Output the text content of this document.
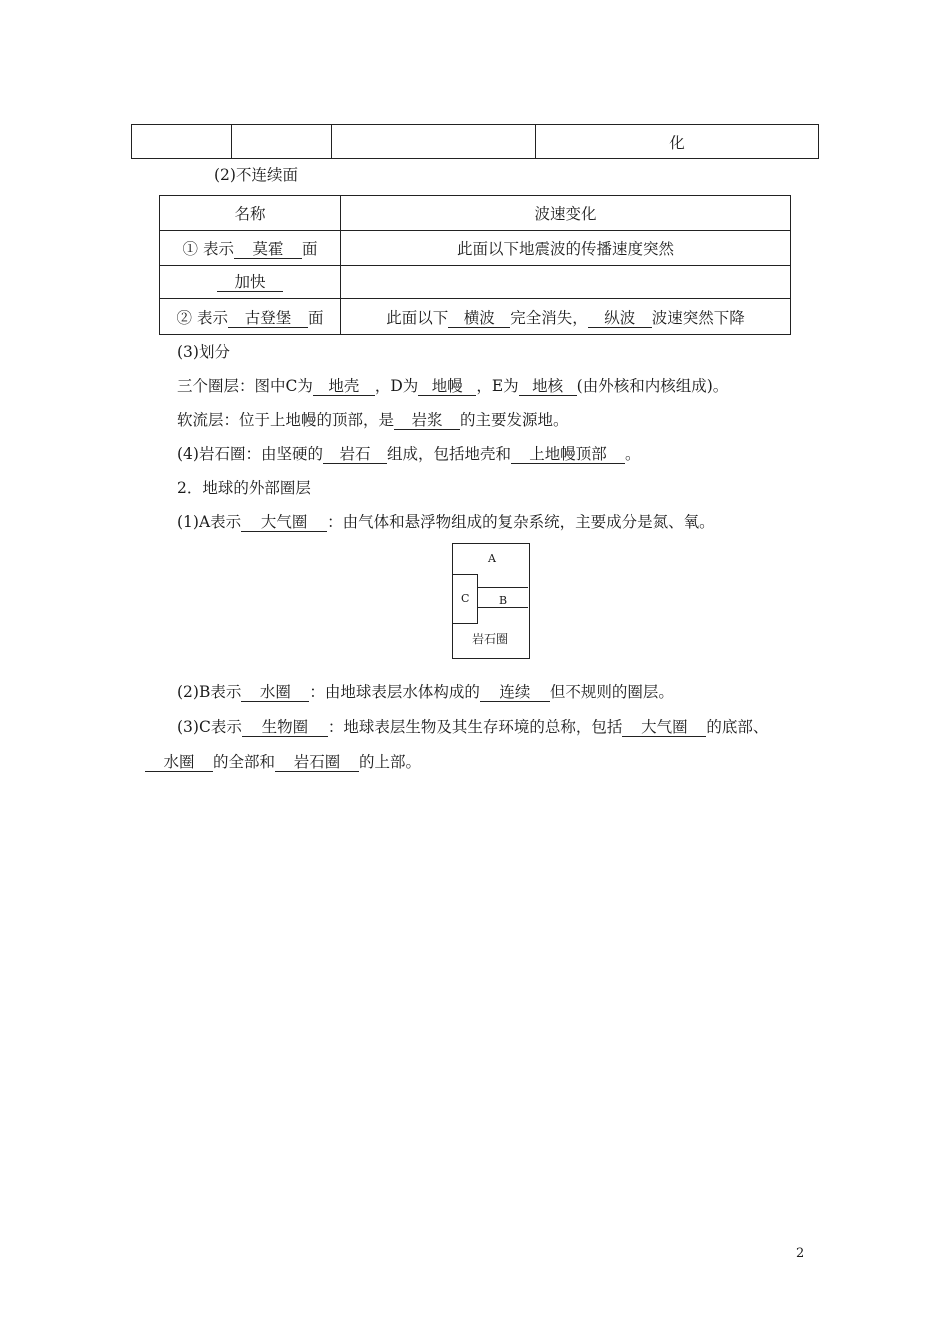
			化
(2)不连续面
名称	波速变化
① 表示 莫霍 面	此面以下地震波的传播速度突然
加快	
② 表示 古登堡 面	此面以下 横波 完全消失， 纵波 波速突然下降
(3)划分
三个圈层：图中C为 地壳 ，D为 地幔 ，E为 地核 (由外核和内核组成)。
软流层：位于上地幔的顶部，是 岩浆 的主要发源地。
(4)岩石圈：由坚硬的 岩石 组成，包括地壳和 上地幔顶部 。
2．地球的外部圈层
(1)A表示 大气圈 ：由气体和悬浮物组成的复杂系统，主要成分是氮、氧。
A
C	B
岩石圈
(2)B表示 水圈 ：由地球表层水体构成的 连续 但不规则的圈层。
(3)C表示 生物圈 ：地球表层生物及其生存环境的总称，包括 大气圈 的底部、
水圈 的全部和 岩石圈 的上部。
2
